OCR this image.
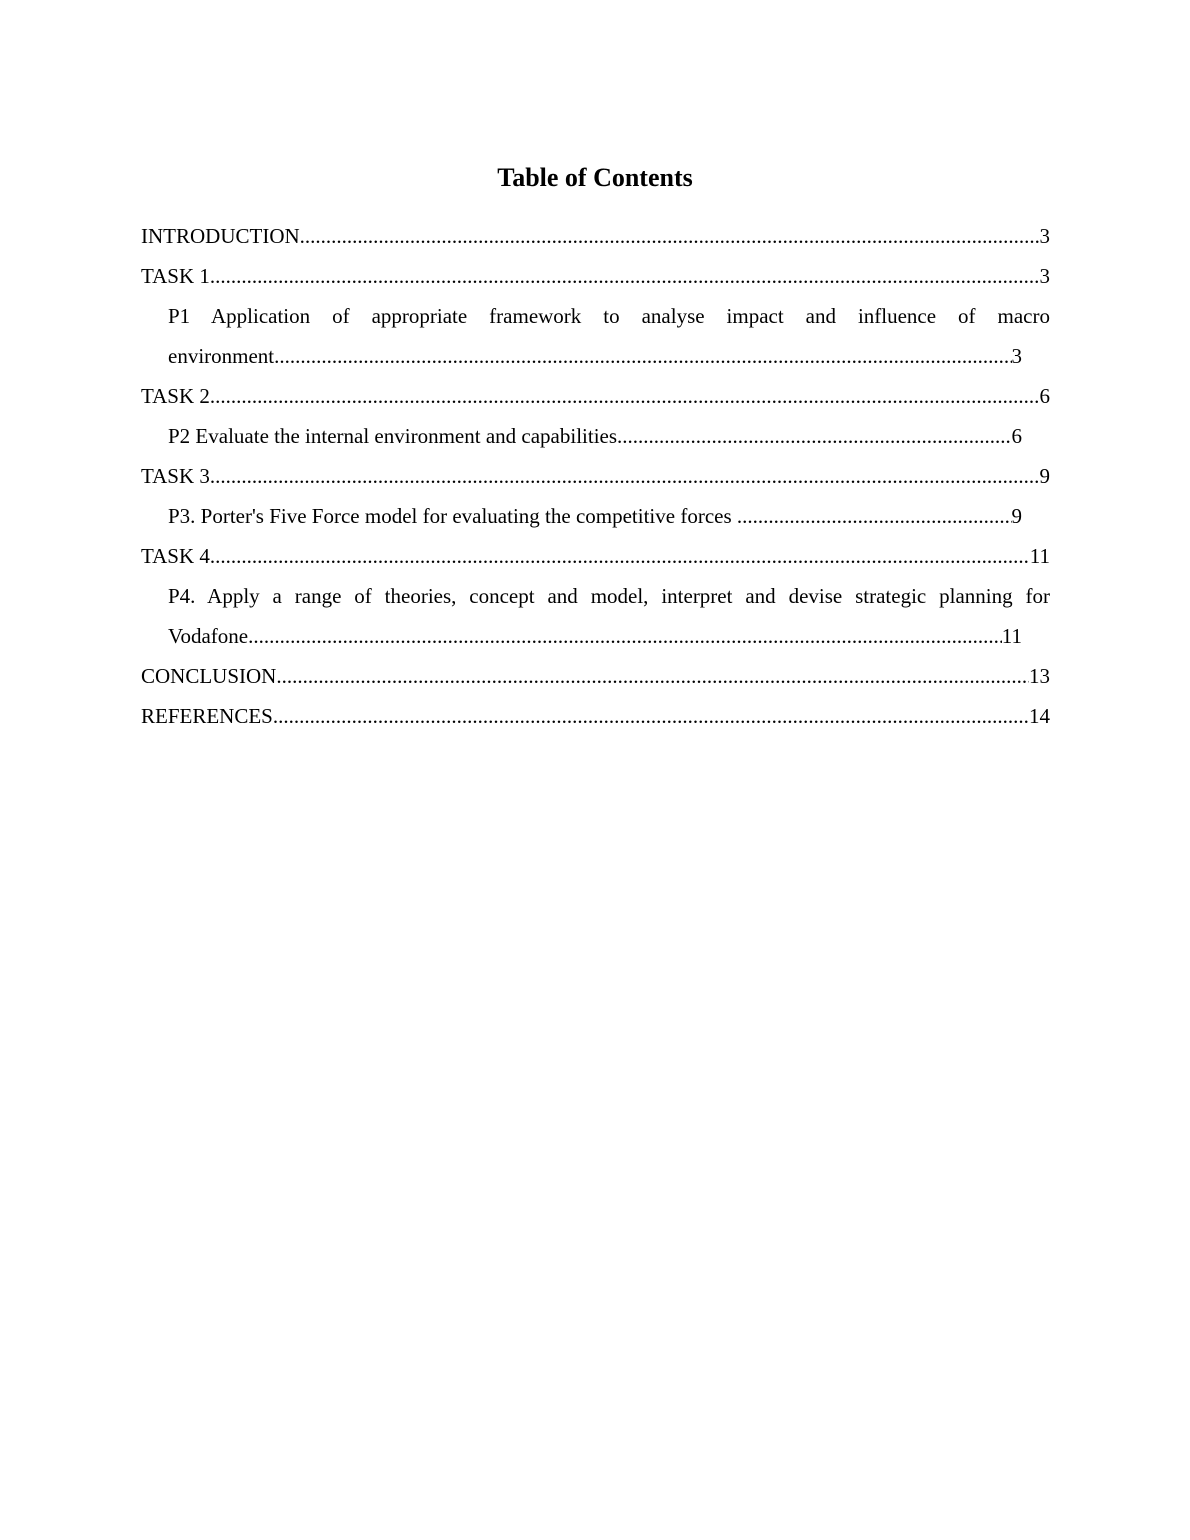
Table of Contents
INTRODUCTION .....	3
TASK 1 .....	3
P1 Application of appropriate framework to analyse impact and influence of macro
environment .....	3
TASK 2 .....	6
P2 Evaluate the internal environment and capabilities .....	6
TASK 3 .....	9
P3. Porter's Five Force model for evaluating the competitive forces .....	9
TASK 4 .....	11
P4. Apply a range of theories, concept and model, interpret and devise strategic planning for
Vodafone .....	11
CONCLUSION .....	13
REFERENCES .....	14
